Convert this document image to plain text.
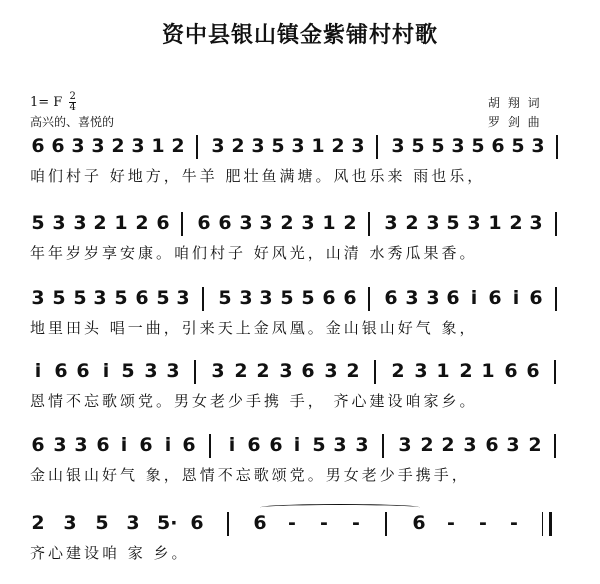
资中县银山镇金紫铺村村歌
1= F $\frac{2}{4}$
高兴的、喜悦的
胡 翔 词
罗 剑 曲
6 6 3 3 2 3 1 2 3 2 3 5 3 1 2 3 3 5 5 3 5 6 5 3
咱们村子 好地方，牛羊 肥壮鱼满塘。风也乐来 雨也乐，
5 3 3 2 1 2 6 6 6 3 3 2 3 1 2 3 2 3 5 3 1 2 3
年年岁岁享安康。咱们村子 好风光，山清 水秀瓜果香。
3 5 5 3 5 6 5 3 5 3 3 5 5 6 6 6 3 3 6 i 6 i 6
地里田头 唱一曲，引来天上金凤凰。金山银山好气 象，
i 6 6 i 5 3 3 3 2 2 3 6 3 2 2 3 1 2 1 6 6
恩情不忘歌颂党。男女老少手携 手， 齐心建设咱家乡。
6 3 3 6 i 6 i 6 i 6 6 i 5 3 3 3 2 2 3 6 3 2
金山银山好气 象，恩情不忘歌颂党。男女老少手携手，
2 3 5 3 5· 6	6 - - -	6 - - -
齐心建设咱 家 乡。
